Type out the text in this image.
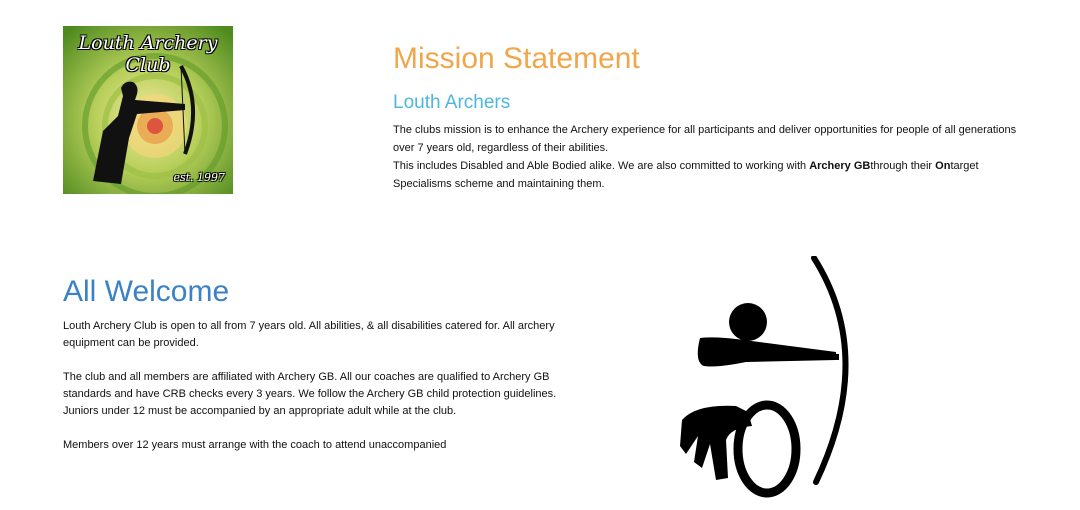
Louth Archery
Club
est. 1997
Mission Statement
Louth Archers

The clubs mission is to enhance the Archery experience for all participants and deliver opportunities for people of all generations over 7 years old, regardless of their abilities.
This includes Disabled and Able Bodied alike. We are also committed to working with Archery GBthrough their Ontarget Specialisms scheme and maintaining them.

All Welcome

Louth Archery Club is open to all from 7 years old. All abilities, & all disabilities catered for. All archery equipment can be provided.

The club and all members are affiliated with Archery GB. All our coaches are qualified to Archery GB standards and have CRB checks every 3 years. We follow the Archery GB child protection guidelines. Juniors under 12 must be accompanied by an appropriate adult while at the club.

Members over 12 years must arrange with the coach to attend unaccompanied
